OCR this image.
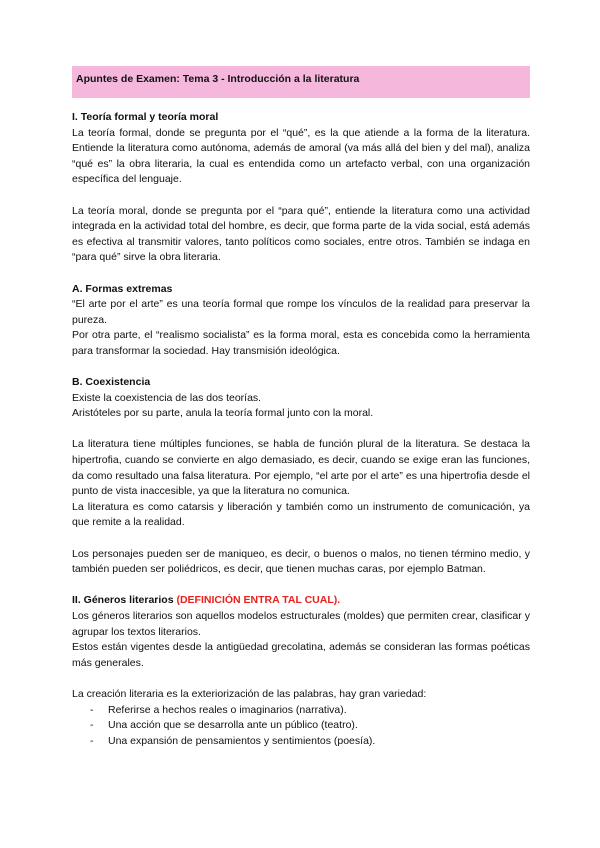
Apuntes de Examen: Tema 3 - Introducción a la literatura

I. Teoría formal y teoría moral

La teoría formal, donde se pregunta por el “qué”, es la que atiende a la forma de la literatura. Entiende la literatura como autónoma, además de amoral (va más allá del bien y del mal), analiza “qué es” la obra literaria, la cual es entendida como un artefacto verbal, con una organización específica del lenguaje.

La teoría moral, donde se pregunta por el “para qué”, entiende la literatura como una actividad integrada en la actividad total del hombre, es decir, que forma parte de la vida social, está además es efectiva al transmitir valores, tanto políticos como sociales, entre otros. También se indaga en “para qué” sirve la obra literaria.

A. Formas extremas

“El arte por el arte” es una teoría formal que rompe los vínculos de la realidad para preservar la pureza.

Por otra parte, el “realismo socialista” es la forma moral, esta es concebida como la herramienta para transformar la sociedad. Hay transmisión ideológica.

B. Coexistencia

Existe la coexistencia de las dos teorías.

Aristóteles por su parte, anula la teoría formal junto con la moral.

La literatura tiene múltiples funciones, se habla de función plural de la literatura. Se destaca la hipertrofia, cuando se convierte en algo demasiado, es decir, cuando se exige eran las funciones, da como resultado una falsa literatura. Por ejemplo, “el arte por el arte” es una hipertrofia desde el punto de vista inaccesible, ya que la literatura no comunica.

La literatura es como catarsis y liberación y también como un instrumento de comunicación, ya que remite a la realidad.

Los personajes pueden ser de maniqueo, es decir, o buenos o malos, no tienen término medio, y también pueden ser poliédricos, es decir, que tienen muchas caras, por ejemplo Batman.

II. Géneros literarios (DEFINICIÓN ENTRA TAL CUAL).

Los géneros literarios son aquellos modelos estructurales (moldes) que permiten crear, clasificar y agrupar los textos literarios.

Estos están vigentes desde la antigüedad grecolatina, además se consideran las formas poéticas más generales.

La creación literaria es la exteriorización de las palabras, hay gran variedad:

- Referirse a hechos reales o imaginarios (narrativa).
- Una acción que se desarrolla ante un público (teatro).
- Una expansión de pensamientos y sentimientos (poesía).
